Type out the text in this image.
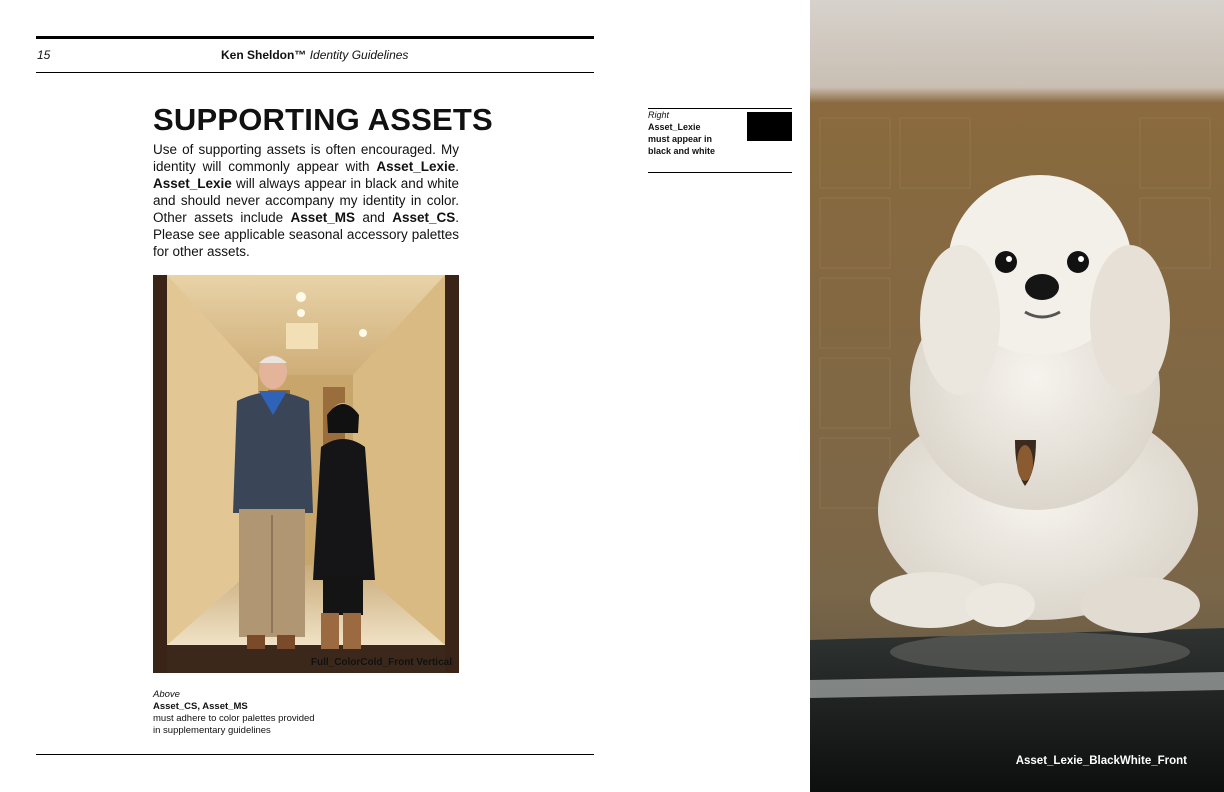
15	Ken Sheldon™ Identity Guidelines
SUPPORTING ASSETS

Use of supporting assets is often encouraged. My identity will commonly appear with Asset_Lexie. Asset_Lexie will always appear in black and white and should never accompany my identity in color. Other assets include Asset_MS and Asset_CS. Please see applicable seasonal accessory palettes for other assets.

Full_ColorCold_Front Vertical
Above
Asset_CS, Asset_MS
must adhere to color palettes provided
in supplementary guidelines
Right
Asset_Lexie
must appear in
black and white
Asset_Lexie_BlackWhite_Front
